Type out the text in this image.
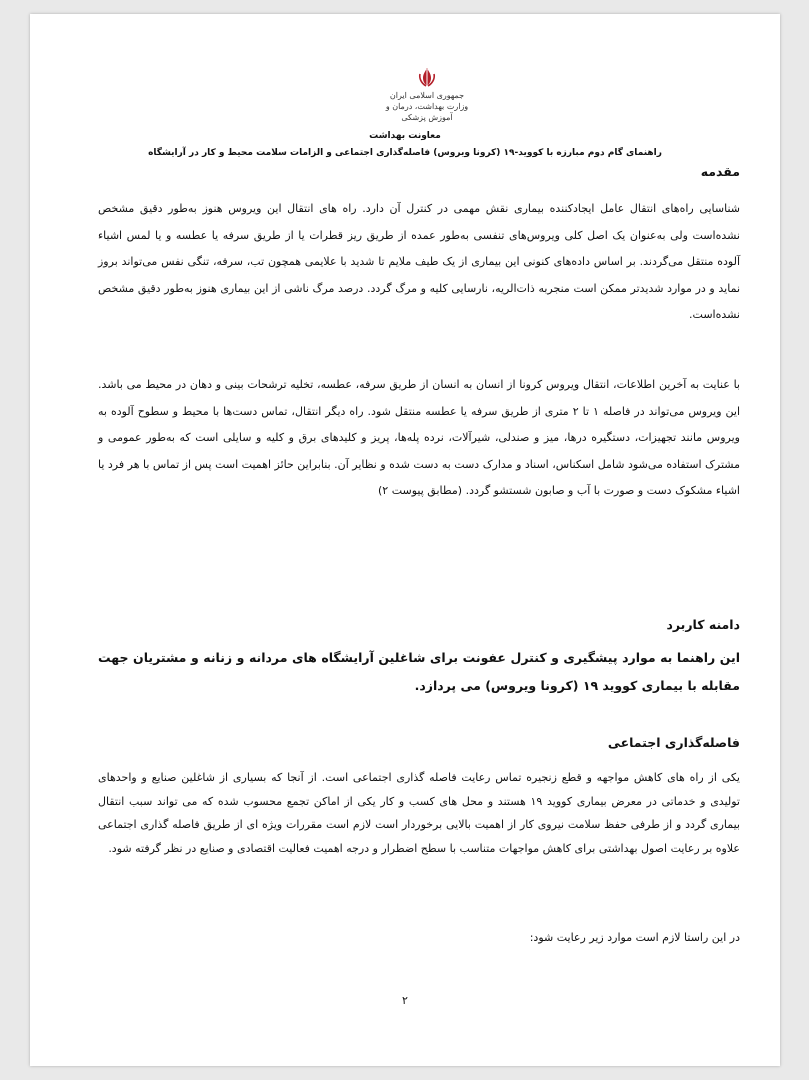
جمهوری اسلامی ایران
وزارت بهداشت، درمان و آموزش پزشکی
معاونت بهداشت
راهنمای گام دوم مبارزه با کووید-۱۹ (کرونا ویروس) فاصله‌گذاری اجتماعی و الزامات سلامت محیط و کار در آرایشگاه
مقدمه
شناسایی راه‌های انتقال عامل ایجادکننده بیماری نقش مهمی در کنترل آن دارد. راه های انتقال این ویروس هنوز به‌طور دقیق مشخص نشده‌است ولی به‌عنوان یک اصل کلی ویروس‌های تنفسی به‌طور عمده از طریق ریز قطرات یا از طریق سرفه یا عطسه و یا لمس اشیاء آلوده منتقل می‌گردند. بر اساس داده‌های کنونی این بیماری از یک طیف ملایم تا شدید با علایمی همچون تب، سرفه، تنگی نفس می‌تواند بروز نماید و در موارد شدیدتر ممکن است منجربه ذات‌الریه، نارسایی کلیه و مرگ گردد. درصد مرگ ناشی از این بیماری هنوز به‌طور دقیق مشخص نشده‌است.
با عنایت به آخرین اطلاعات، انتقال ویروس کرونا از انسان به انسان از طریق سرفه، عطسه، تخلیه ترشحات بینی و دهان در محیط می باشد. این ویروس می‌تواند در فاصله ۱ تا ۲ متری از طریق سرفه یا عطسه منتقل شود. راه دیگر انتقال، تماس دست‌ها با محیط و سطوح آلوده به ویروس مانند تجهیزات، دستگیره درها، میز و صندلی، شیرآلات، نرده پله‌ها، پریز و کلیدهای برق و کلیه و سایلی است که به‌طور عمومی و مشترک استفاده می‌شود شامل اسکناس، اسناد و مدارک دست به دست شده و نظایر آن. بنابراین حائز اهمیت است پس از تماس با هر فرد یا اشیاء مشکوک دست و صورت با آب و صابون شستشو گردد. (مطابق پیوست ۲)
دامنه کاربرد
این راهنما به موارد پیشگیری و کنترل عفونت برای شاغلین آرایشگاه های مردانه و زنانه و مشتریان جهت مقابله با بیماری کووید ۱۹ (کرونا ویروس) می پردازد.
فاصله‌گذاری اجتماعی
یکی از راه های کاهش مواجهه و قطع زنجیره تماس رعایت فاصله گذاری اجتماعی است. از آنجا که بسیاری از شاغلین صنایع و واحدهای تولیدی و خدماتی در معرض بیماری کووید ۱۹ هستند و محل های کسب و کار یکی از اماکن تجمع محسوب شده که می تواند سبب انتقال بیماری گردد و از طرفی حفظ سلامت نیروی کار از اهمیت بالایی برخوردار است لازم است مقررات ویژه ای از طریق فاصله گذاری اجتماعی علاوه بر رعایت اصول بهداشتی برای کاهش مواجهات متناسب با سطح اضطرار و درجه اهمیت فعالیت اقتصادی و صنایع در نظر گرفته شود.
در این راستا لازم است موارد زیر رعایت شود:
۲
